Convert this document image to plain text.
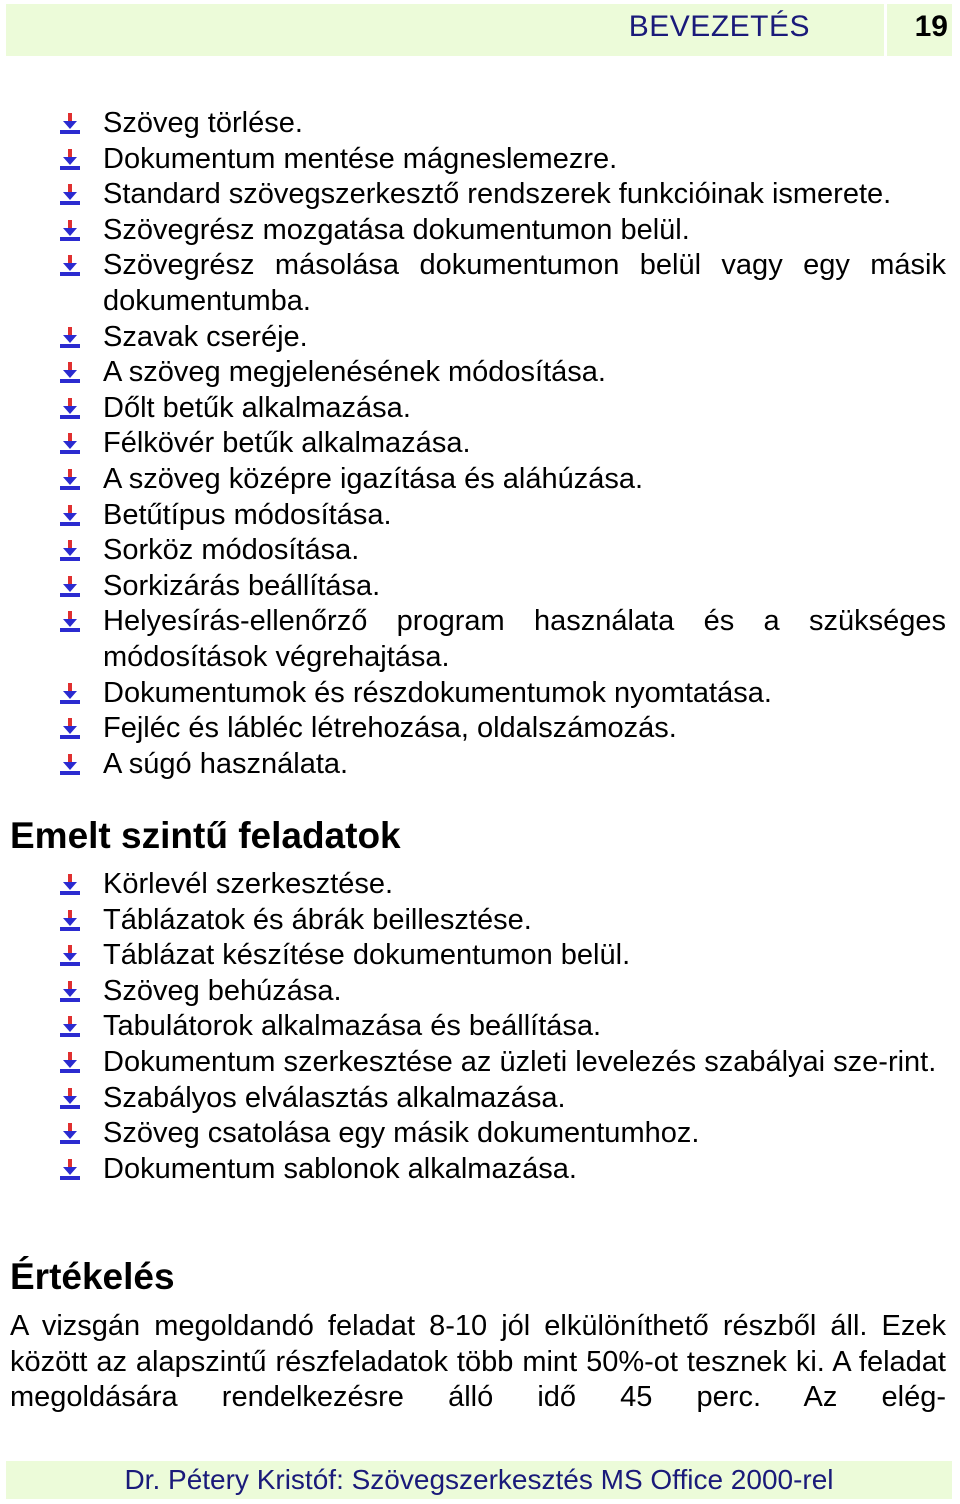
BEVEZETÉS	19
Szöveg törlése.
Dokumentum mentése mágneslemezre.
Standard szövegszerkesztő rendszerek funkcióinak ismerete.
Szövegrész mozgatása dokumentumon belül.
Szövegrész másolása dokumentumon belül vagy egy másik dokumentumba.
Szavak cseréje.
A szöveg megjelenésének módosítása.
Dőlt betűk alkalmazása.
Félkövér betűk alkalmazása.
A szöveg középre igazítása és aláhúzása.
Betűtípus módosítása.
Sorköz módosítása.
Sorkizárás beállítása.
Helyesírás-ellenőrző program használata és a szükséges módosítások végrehajtása.
Dokumentumok és részdokumentumok nyomtatása.
Fejléc és lábléc létrehozása, oldalszámozás.
A súgó használata.
Emelt szintű feladatok
Körlevél szerkesztése.
Táblázatok és ábrák beillesztése.
Táblázat készítése dokumentumon belül.
Szöveg behúzása.
Tabulátorok alkalmazása és beállítása.
Dokumentum szerkesztése az üzleti levelezés szabályai sze-rint.
Szabályos elválasztás alkalmazása.
Szöveg csatolása egy másik dokumentumhoz.
Dokumentum sablonok alkalmazása.
Értékelés

A vizsgán megoldandó feladat 8-10 jól elkülöníthető részből áll. Ezek között az alapszintű részfeladatok több mint 50%-ot tesznek ki. A feladat megoldására rendelkezésre álló idő 45 perc. Az elég-

Dr. Pétery Kristóf: Szövegszerkesztés MS Office 2000-rel
